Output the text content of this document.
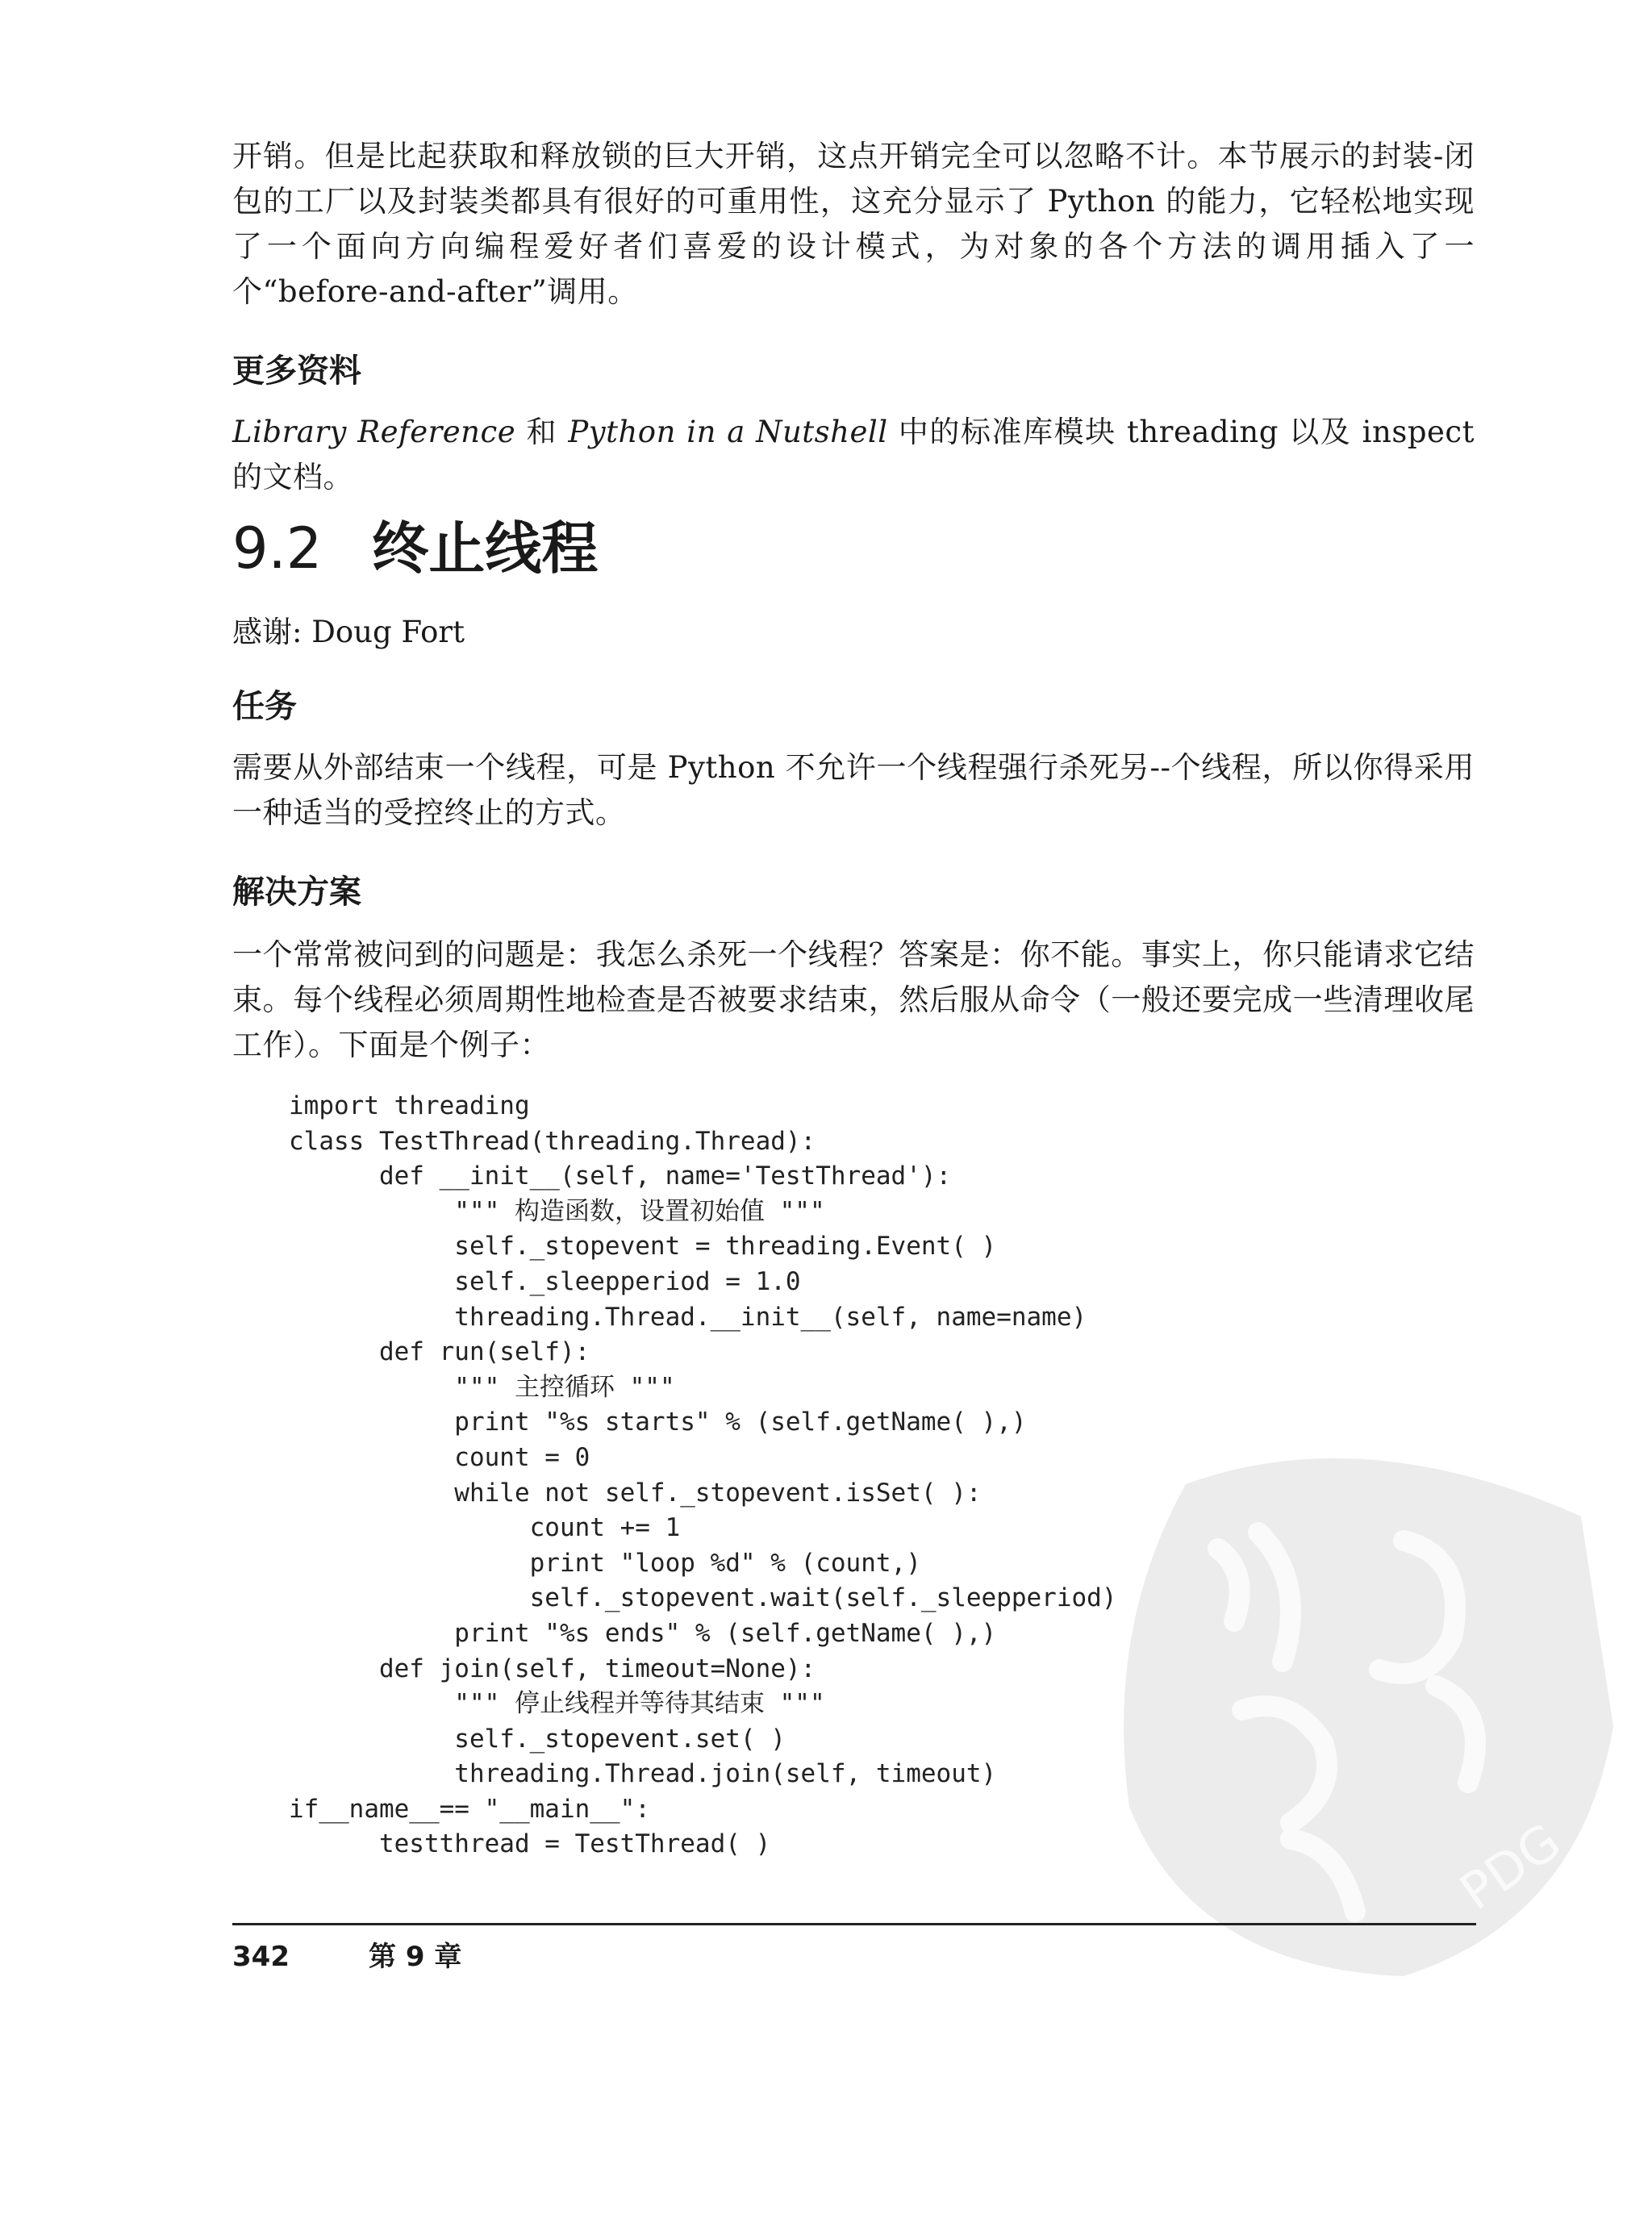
开销。但是比起获取和释放锁的巨大开销，这点开销完全可以忽略不计。本节展示的封装-闭包的工厂以及封装类都具有很好的可重用性，这充分显示了 Python 的能力，它轻松地实现了一个面向方向编程爱好者们喜爱的设计模式，为对象的各个方法的调用插入了一个“before-and-after”调用。
更多资料
Library Reference 和 Python in a Nutshell 中的标准库模块 threading 以及 inspect 的文档。
9.2 终止线程
感谢: Doug Fort
任务
需要从外部结束一个线程，可是 Python 不允许一个线程强行杀死另--个线程，所以你得采用一种适当的受控终止的方式。
解决方案
一个常常被问到的问题是：我怎么杀死一个线程？答案是：你不能。事实上，你只能请求它结束。每个线程必须周期性地检查是否被要求结束，然后服从命令（一般还要完成一些清理收尾工作）。下面是个例子：
import threading
class TestThread(threading.Thread):
def __init__(self, name='TestThread'):
""" 构造函数，设置初始值 """
self._stopevent = threading.Event( )
self._sleepperiod = 1.0
threading.Thread.__init__(self, name=name)
def run(self):
""" 主控循环 """
print "%s starts" % (self.getName( ),)
count = 0
while not self._stopevent.isSet( ):
count += 1
print "loop %d" % (count,)
self._stopevent.wait(self._sleepperiod)
print "%s ends" % (self.getName( ),)
def join(self, timeout=None):
""" 停止线程并等待其结束 """
self._stopevent.set( )
threading.Thread.join(self, timeout)
if__name__== "__main__":
testthread = TestThread( )	PDG
342	第 9 章
